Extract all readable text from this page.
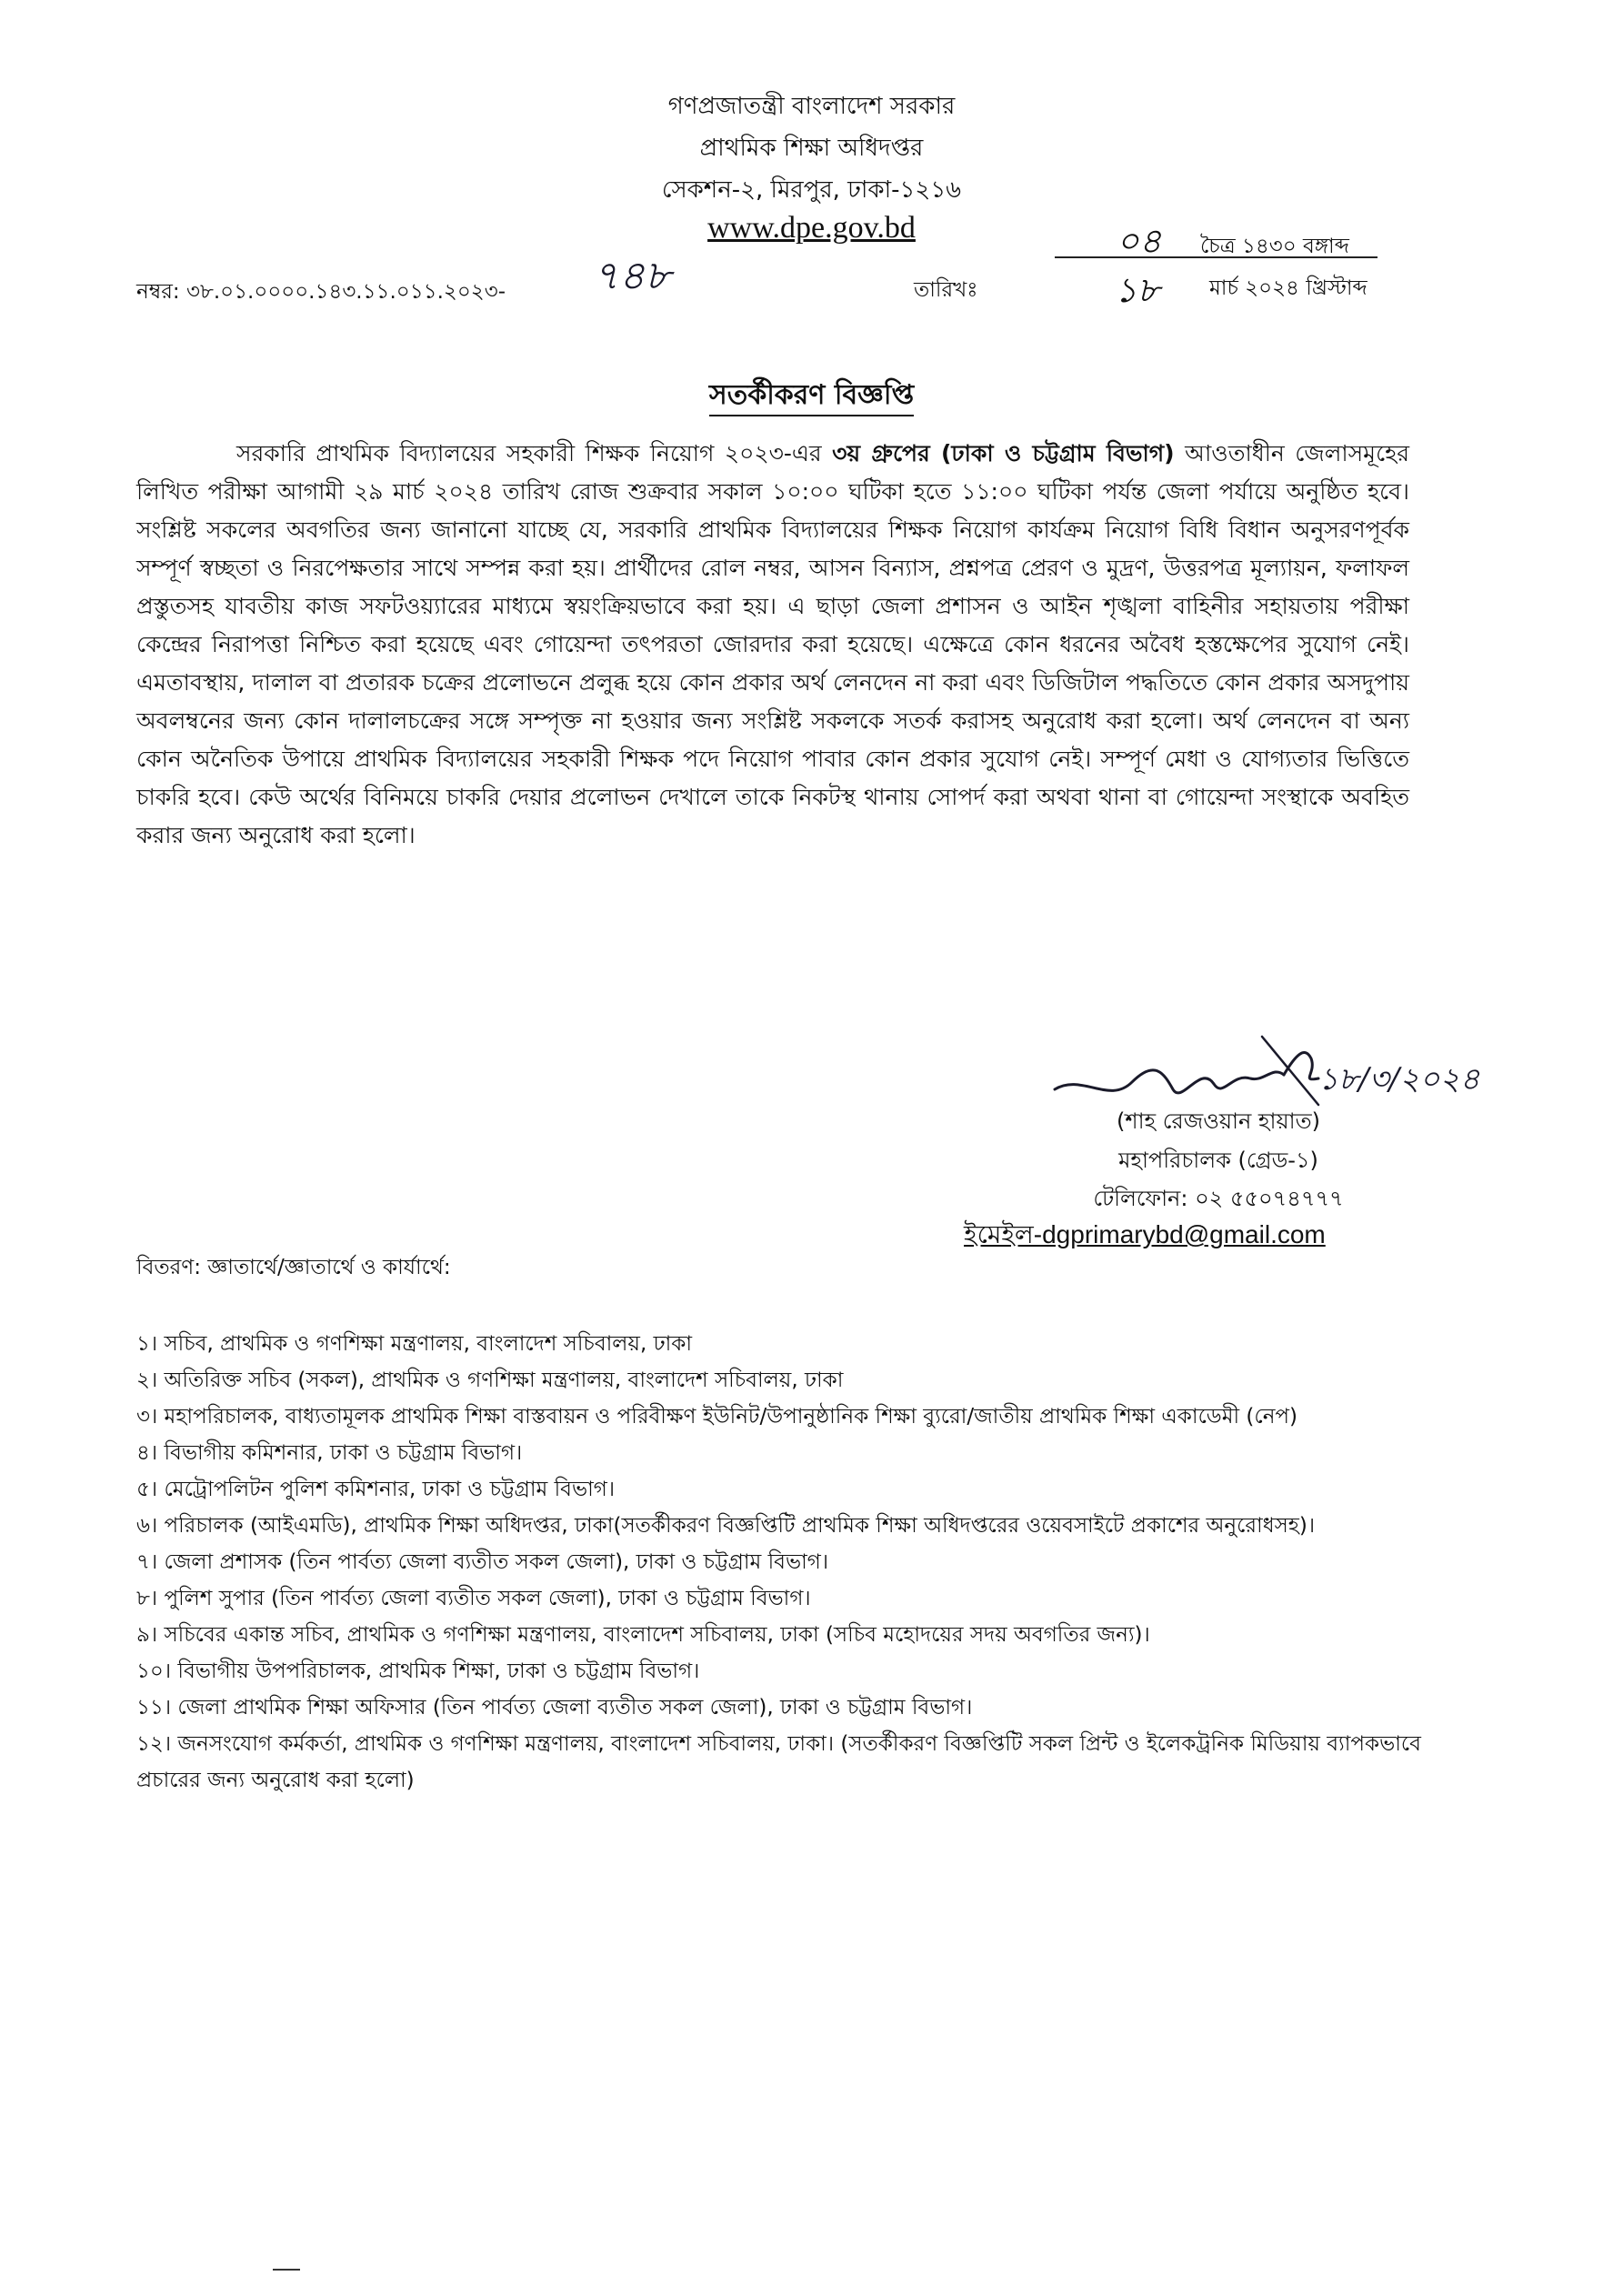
গণপ্রজাতন্ত্রী বাংলাদেশ সরকার
প্রাথমিক শিক্ষা অধিদপ্তর
সেকশন-২, মিরপুর, ঢাকা-১২১৬
www.dpe.gov.bd
নম্বর: ৩৮.০১.০০০০.১৪৩.১১.০১১.২০২৩- ৭৪৮
০৪ চৈত্র ১৪৩০ বঙ্গাব্দ
তারিখঃ	১৮ মার্চ ২০২৪ খ্রিস্টাব্দ
সতর্কীকরণ বিজ্ঞপ্তি

সরকারি প্রাথমিক বিদ্যালয়ের সহকারী শিক্ষক নিয়োগ ২০২৩-এর ৩য় গ্রুপের (ঢাকা ও চট্টগ্রাম বিভাগ) আওতাধীন জেলাসমূহের লিখিত পরীক্ষা আগামী ২৯ মার্চ ২০২৪ তারিখ রোজ শুক্রবার সকাল ১০:০০ ঘটিকা হতে ১১:০০ ঘটিকা পর্যন্ত জেলা পর্যায়ে অনুষ্ঠিত হবে। সংশ্লিষ্ট সকলের অবগতির জন্য জানানো যাচ্ছে যে, সরকারি প্রাথমিক বিদ্যালয়ের শিক্ষক নিয়োগ কার্যক্রম নিয়োগ বিধি বিধান অনুসরণপূর্বক সম্পূর্ণ স্বচ্ছতা ও নিরপেক্ষতার সাথে সম্পন্ন করা হয়। প্রার্থীদের রোল নম্বর, আসন বিন্যাস, প্রশ্নপত্র প্রেরণ ও মুদ্রণ, উত্তরপত্র মূল্যায়ন, ফলাফল প্রস্তুতসহ যাবতীয় কাজ সফটওয়্যারের মাধ্যমে স্বয়ংক্রিয়ভাবে করা হয়। এ ছাড়া জেলা প্রশাসন ও আইন শৃঙ্খলা বাহিনীর সহায়তায় পরীক্ষা কেন্দ্রের নিরাপত্তা নিশ্চিত করা হয়েছে এবং গোয়েন্দা তৎপরতা জোরদার করা হয়েছে। এক্ষেত্রে কোন ধরনের অবৈধ হস্তক্ষেপের সুযোগ নেই। এমতাবস্থায়, দালাল বা প্রতারক চক্রের প্রলোভনে প্রলুব্ধ হয়ে কোন প্রকার অর্থ লেনদেন না করা এবং ডিজিটাল পদ্ধতিতে কোন প্রকার অসদুপায় অবলম্বনের জন্য কোন দালালচক্রের সঙ্গে সম্পৃক্ত না হওয়ার জন্য সংশ্লিষ্ট সকলকে সতর্ক করাসহ অনুরোধ করা হলো। অর্থ লেনদেন বা অন্য কোন অনৈতিক উপায়ে প্রাথমিক বিদ্যালয়ের সহকারী শিক্ষক পদে নিয়োগ পাবার কোন প্রকার সুযোগ নেই। সম্পূর্ণ মেধা ও যোগ্যতার ভিত্তিতে চাকরি হবে। কেউ অর্থের বিনিময়ে চাকরি দেয়ার প্রলোভন দেখালে তাকে নিকটস্থ থানায় সোপর্দ করা অথবা থানা বা গোয়েন্দা সংস্থাকে অবহিত করার জন্য অনুরোধ করা হলো।

১৮/৩/২০২৪
(শাহ রেজওয়ান হায়াত)
মহাপরিচালক (গ্রেড-১)
টেলিফোন: ০২ ৫৫০৭৪৭৭৭
ইমেইল-dgprimarybd@gmail.com
বিতরণ: জ্ঞাতার্থে/জ্ঞাতার্থে ও কার্যার্থে:
১। সচিব, প্রাথমিক ও গণশিক্ষা মন্ত্রণালয়, বাংলাদেশ সচিবালয়, ঢাকা
২। অতিরিক্ত সচিব (সকল), প্রাথমিক ও গণশিক্ষা মন্ত্রণালয়, বাংলাদেশ সচিবালয়, ঢাকা
৩। মহাপরিচালক, বাধ্যতামূলক প্রাথমিক শিক্ষা বাস্তবায়ন ও পরিবীক্ষণ ইউনিট/উপানুষ্ঠানিক শিক্ষা ব্যুরো/জাতীয় প্রাথমিক শিক্ষা একাডেমী (নেপ)
৪। বিভাগীয় কমিশনার, ঢাকা ও চট্টগ্রাম বিভাগ।
৫। মেট্রোপলিটন পুলিশ কমিশনার, ঢাকা ও চট্টগ্রাম বিভাগ।
৬। পরিচালক (আইএমডি), প্রাথমিক শিক্ষা অধিদপ্তর, ঢাকা(সতর্কীকরণ বিজ্ঞপ্তিটি প্রাথমিক শিক্ষা অধিদপ্তরের ওয়েবসাইটে প্রকাশের অনুরোধসহ)।
৭। জেলা প্রশাসক (তিন পার্বত্য জেলা ব্যতীত সকল জেলা), ঢাকা ও চট্টগ্রাম বিভাগ।
৮। পুলিশ সুপার (তিন পার্বত্য জেলা ব্যতীত সকল জেলা), ঢাকা ও চট্টগ্রাম বিভাগ।
৯। সচিবের একান্ত সচিব, প্রাথমিক ও গণশিক্ষা মন্ত্রণালয়, বাংলাদেশ সচিবালয়, ঢাকা (সচিব মহোদয়ের সদয় অবগতির জন্য)।
১০। বিভাগীয় উপপরিচালক, প্রাথমিক শিক্ষা, ঢাকা ও চট্টগ্রাম বিভাগ।
১১। জেলা প্রাথমিক শিক্ষা অফিসার (তিন পার্বত্য জেলা ব্যতীত সকল জেলা), ঢাকা ও চট্টগ্রাম বিভাগ।
১২। জনসংযোগ কর্মকর্তা, প্রাথমিক ও গণশিক্ষা মন্ত্রণালয়, বাংলাদেশ সচিবালয়, ঢাকা। (সতর্কীকরণ বিজ্ঞপ্তিটি সকল প্রিন্ট ও ইলেকট্রনিক মিডিয়ায় ব্যাপকভাবে প্রচারের জন্য অনুরোধ করা হলো)
